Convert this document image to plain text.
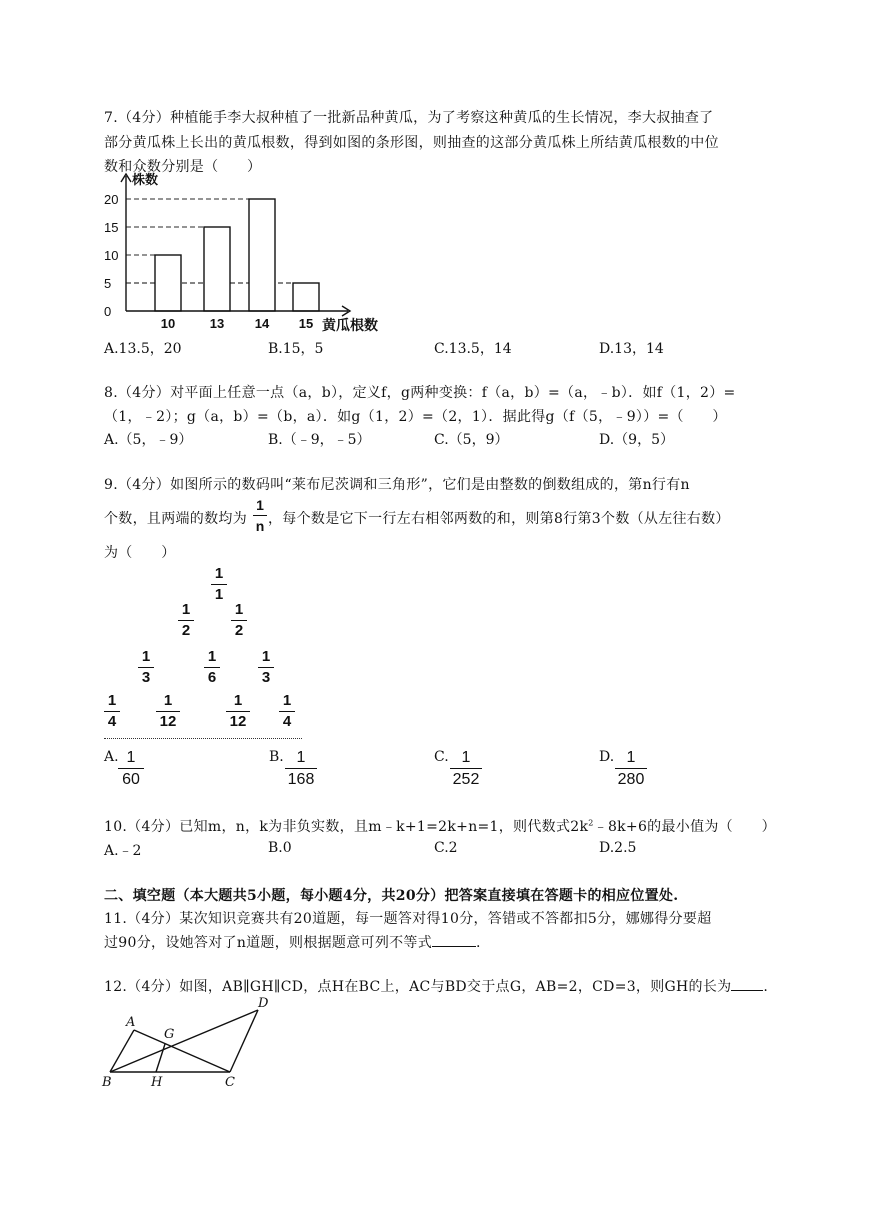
7.（4分）种植能手李大叔种植了一批新品种黄瓜，为了考察这种黄瓜的生长情况，李大叔抽查了
部分黄瓜株上长出的黄瓜根数，得到如图的条形图，则抽查的这部分黄瓜株上所结黄瓜根数的中位
数和众数分别是（　　）
0
5
10
15
20
10	13 14 15
株数
黄瓜根数
A.13.5，20	B.15，5	C.13.5，14	D.13，14
8.（4分）对平面上任意一点（a，b），定义f，g两种变换：f（a，b）=（a，﹣b）．如f（1，2）=
（1，﹣2）；g（a，b）=（b，a）．如g（1，2）=（2，1）．据此得g（f（5，﹣9））=（　　）
A.（5，﹣9）	B.（﹣9，﹣5）	C.（5，9）	D.（9，5）
9.（4分）如图所示的数码叫“莱布尼茨调和三角形”，它们是由整数的倒数组成的，第n行有n
个数，且两端的数均为
1
n ，每个数是它下一行左右相邻两数的和，则第8行第3个数（从左往右数）
为（　　）
1
1
1
2
1
2
1
3
1
6
1
3
1
4
1
12
1
12
1
4
A. 1
60
B. 1
168
C. 1
252
D. 1
280
10.（4分）已知m，n，k为非负实数，且m﹣k+1=2k+n=1，则代数式$2k^2﹣8k+6$的最小值为（　　）
A.﹣2	B.0	C.2	D.2.5
二、填空题（本大题共5小题，每小题4分，共20分）把答案直接填在答题卡的相应位置处.
11.（4分）某次知识竞赛共有20道题，每一题答对得10分，答错或不答都扣5分，娜娜得分要超
过90分，设她答对了n道题，则根据题意可列不等式	.
12.（4分）如图，AB∥GH∥CD，点H在BC上，AC与BD交于点G，AB=2，CD=3，则GH的长为 .
A
G
D
B	H	C
